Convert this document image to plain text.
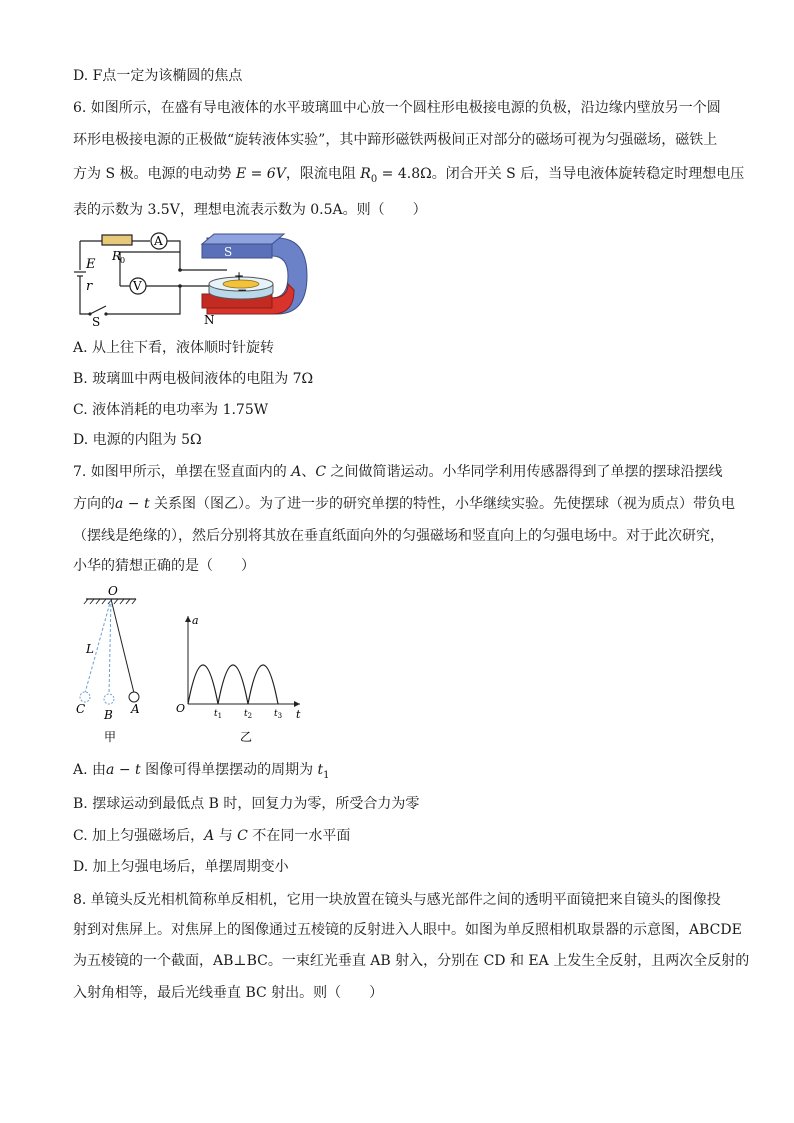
D. F点一定为该椭圆的焦点
6. 如图所示，在盛有导电液体的水平玻璃皿中心放一个圆柱形电极接电源的负极，沿边缘内壁放另一个圆
环形电极接电源的正极做“旋转液体实验”，其中蹄形磁铁两极间正对部分的磁场可视为匀强磁场，磁铁上
方为 S 极。电源的电动势 E = 6V，限流电阻 $R_0 = 4.8\Omega$。闭合开关 S 后，当导电液体旋转稳定时理想电压
表的示数为 3.5V，理想电流表示数为 0.5A。则（　　）
E
r
R
0
A
V
S
S
N
+
−
A. 从上往下看，液体顺时针旋转
B. 玻璃皿中两电极间液体的电阻为 7Ω
C. 液体消耗的电功率为 1.75W
D. 电源的内阻为 5Ω
7. 如图甲所示，单摆在竖直面内的 A、C 之间做简谐运动。小华同学利用传感器得到了单摆的摆球沿摆线
方向的a − t 关系图（图乙）。为了进一步的研究单摆的特性，小华继续实验。先使摆球（视为质点）带负电
（摆线是绝缘的），然后分别将其放在垂直纸面向外的匀强磁场和竖直向上的匀强电场中。对于此次研究，
小华的猜想正确的是（　　）
O
L
C B A
甲
a
t
O	$t_1$ $t_2$ $t_3$
乙
A. 由a − t 图像可得单摆摆动的周期为 $t_1$
B. 摆球运动到最低点 B 时，回复力为零，所受合力为零
C. 加上匀强磁场后，A 与 C 不在同一水平面
D. 加上匀强电场后，单摆周期变小
8. 单镜头反光相机简称单反相机，它用一块放置在镜头与感光部件之间的透明平面镜把来自镜头的图像投
射到对焦屏上。对焦屏上的图像通过五棱镜的反射进入人眼中。如图为单反照相机取景器的示意图，ABCDE
为五棱镜的一个截面，AB⊥BC。一束红光垂直 AB 射入，分别在 CD 和 EA 上发生全反射，且两次全反射的
入射角相等，最后光线垂直 BC 射出。则（　　）
